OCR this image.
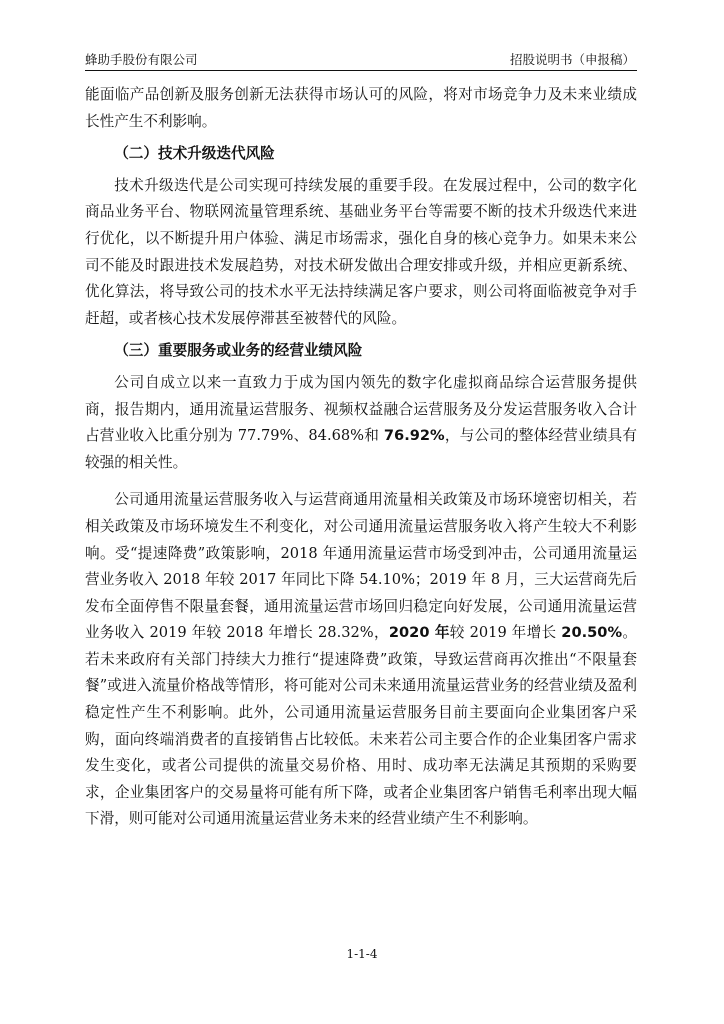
蜂助手股份有限公司	招股说明书（申报稿）

能面临产品创新及服务创新无法获得市场认可的风险，将对市场竞争力及未来业绩成长性产生不利影响。

（二）技术升级迭代风险

技术升级迭代是公司实现可持续发展的重要手段。在发展过程中，公司的数字化商品业务平台、物联网流量管理系统、基础业务平台等需要不断的技术升级迭代来进行优化，以不断提升用户体验、满足市场需求，强化自身的核心竞争力。如果未来公司不能及时跟进技术发展趋势，对技术研发做出合理安排或升级，并相应更新系统、优化算法，将导致公司的技术水平无法持续满足客户要求，则公司将面临被竞争对手赶超，或者核心技术发展停滞甚至被替代的风险。

（三）重要服务或业务的经营业绩风险

公司自成立以来一直致力于成为国内领先的数字化虚拟商品综合运营服务提供商，报告期内，通用流量运营服务、视频权益融合运营服务及分发运营服务收入合计占营业收入比重分别为 77.79%、84.68%和 76.92%，与公司的整体经营业绩具有较强的相关性。

公司通用流量运营服务收入与运营商通用流量相关政策及市场环境密切相关，若相关政策及市场环境发生不利变化，对公司通用流量运营服务收入将产生较大不利影响。受“提速降费”政策影响，2018 年通用流量运营市场受到冲击，公司通用流量运营业务收入 2018 年较 2017 年同比下降 54.10%；2019 年 8 月，三大运营商先后发布全面停售不限量套餐，通用流量运营市场回归稳定向好发展，公司通用流量运营业务收入 2019 年较 2018 年增长 28.32%，2020 年较 2019 年增长 20.50%。若未来政府有关部门持续大力推行“提速降费”政策，导致运营商再次推出“不限量套餐”或进入流量价格战等情形，将可能对公司未来通用流量运营业务的经营业绩及盈利稳定性产生不利影响。此外，公司通用流量运营服务目前主要面向企业集团客户采购，面向终端消费者的直接销售占比较低。未来若公司主要合作的企业集团客户需求发生变化，或者公司提供的流量交易价格、用时、成功率无法满足其预期的采购要求，企业集团客户的交易量将可能有所下降，或者企业集团客户销售毛利率出现大幅下滑，则可能对公司通用流量运营业务未来的经营业绩产生不利影响。

1-1-4
